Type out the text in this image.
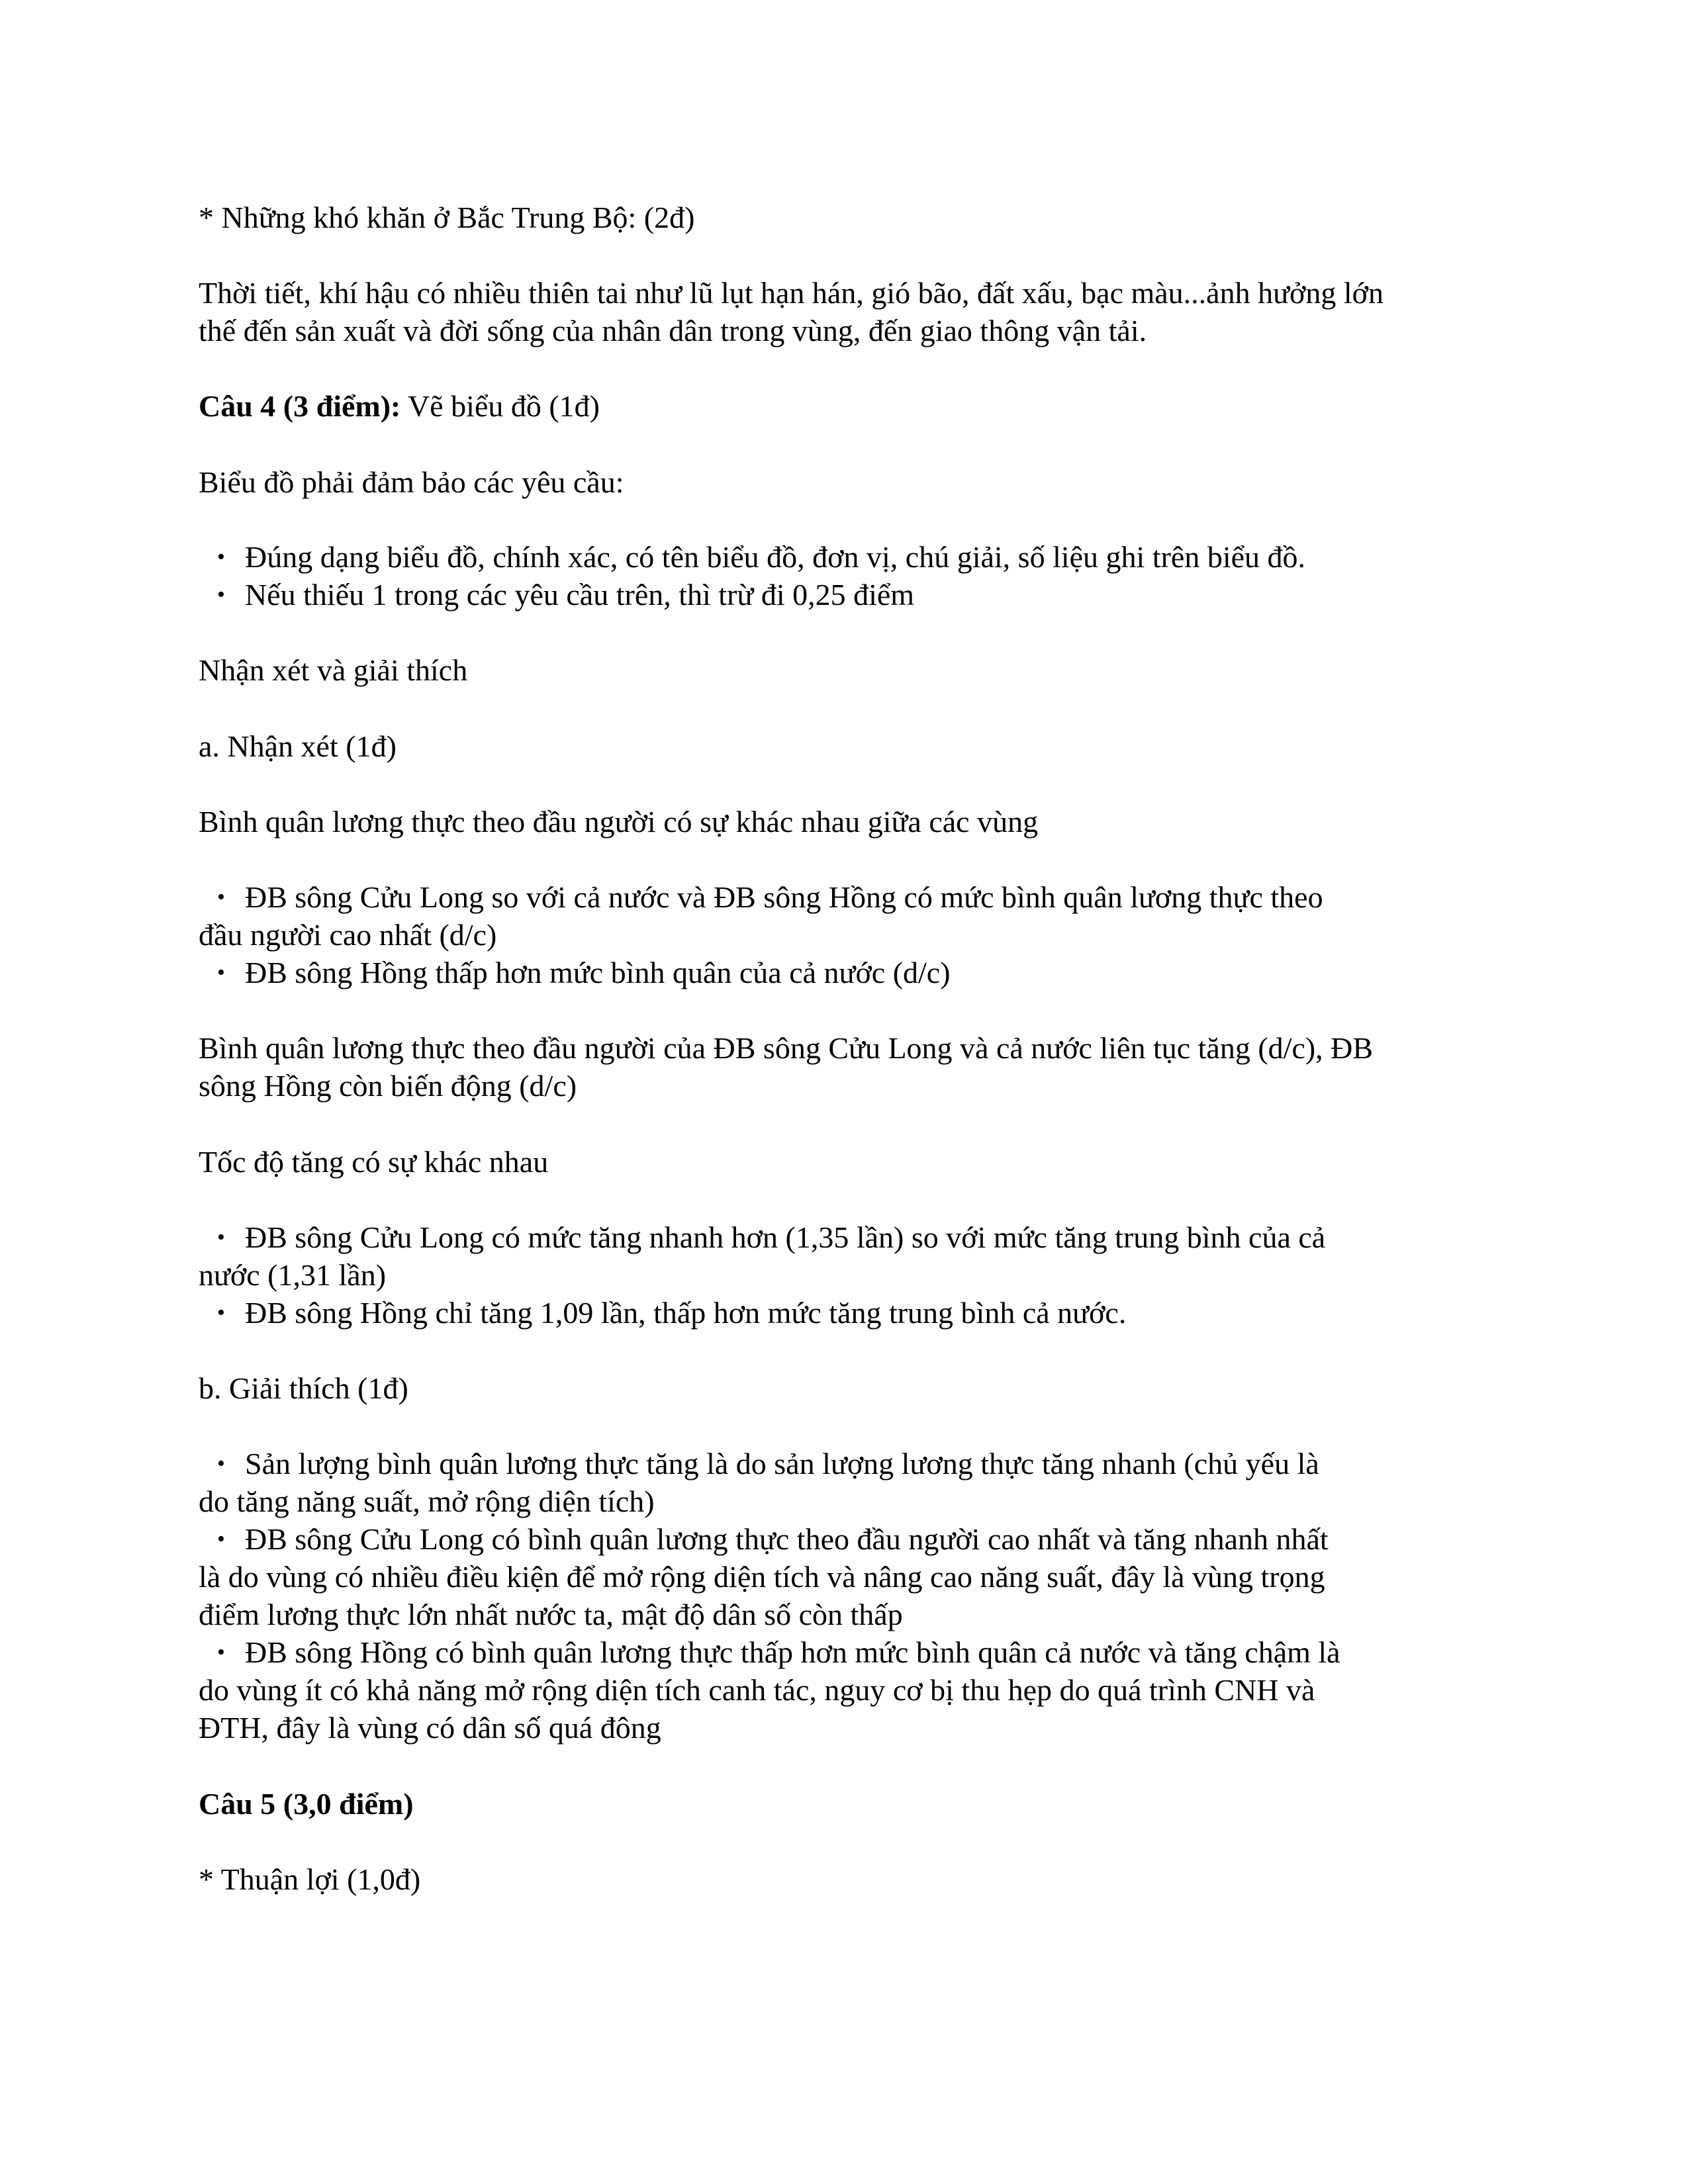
* Những khó khăn ở Bắc Trung Bộ: (2đ)

Thời tiết, khí hậu có nhiều thiên tai như lũ lụt hạn hán, gió bão, đất xấu, bạc màu...ảnh hưởng lớn
thế đến sản xuất và đời sống của nhân dân trong vùng, đến giao thông vận tải.

Câu 4 (3 điểm): Vẽ biểu đồ (1đ)

Biểu đồ phải đảm bảo các yêu cầu:

• Đúng dạng biểu đồ, chính xác, có tên biểu đồ, đơn vị, chú giải, số liệu ghi trên biểu đồ.
• Nếu thiếu 1 trong các yêu cầu trên, thì trừ đi 0,25 điểm

Nhận xét và giải thích

a. Nhận xét (1đ)

Bình quân lương thực theo đầu người có sự khác nhau giữa các vùng

• ĐB sông Cửu Long so với cả nước và ĐB sông Hồng có mức bình quân lương thực theo
đầu người cao nhất (d/c)
• ĐB sông Hồng thấp hơn mức bình quân của cả nước (d/c)

Bình quân lương thực theo đầu người của ĐB sông Cửu Long và cả nước liên tục tăng (d/c), ĐB
sông Hồng còn biến động (d/c)

Tốc độ tăng có sự khác nhau

• ĐB sông Cửu Long có mức tăng nhanh hơn (1,35 lần) so với mức tăng trung bình của cả
nước (1,31 lần)
• ĐB sông Hồng chỉ tăng 1,09 lần, thấp hơn mức tăng trung bình cả nước.

b. Giải thích (1đ)

• Sản lượng bình quân lương thực tăng là do sản lượng lương thực tăng nhanh (chủ yếu là
do tăng năng suất, mở rộng diện tích)
• ĐB sông Cửu Long có bình quân lương thực theo đầu người cao nhất và tăng nhanh nhất
là do vùng có nhiều điều kiện để mở rộng diện tích và nâng cao năng suất, đây là vùng trọng
điểm lương thực lớn nhất nước ta, mật độ dân số còn thấp
• ĐB sông Hồng có bình quân lương thực thấp hơn mức bình quân cả nước và tăng chậm là
do vùng ít có khả năng mở rộng diện tích canh tác, nguy cơ bị thu hẹp do quá trình CNH và
ĐTH, đây là vùng có dân số quá đông

Câu 5 (3,0 điểm)

* Thuận lợi (1,0đ)
